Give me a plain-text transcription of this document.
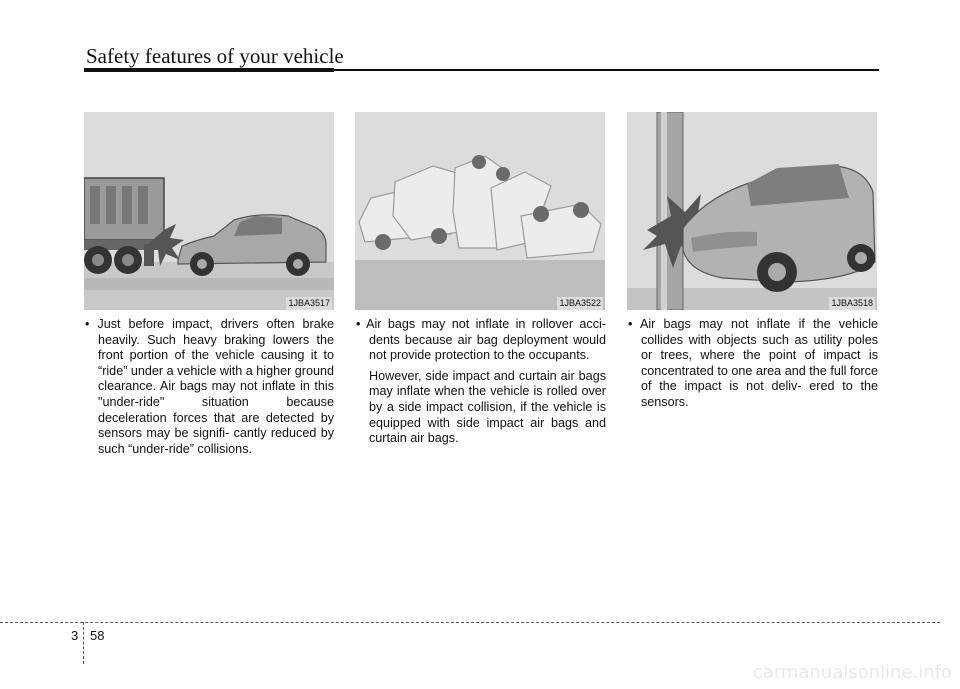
Safety features of your vehicle
1JBA3517	1JBA3522	1JBA3518

• Just before impact, drivers often brake heavily. Such heavy braking lowers the front portion of the vehicle causing it to “ride” under a vehicle with a higher ground clearance. Air bags may not inflate in this "under-ride" situation because deceleration forces that are detected by sensors may be signifi- cantly reduced by such “under-ride” collisions.

• Air bags may not inflate in rollover acci- dents because air bag deployment would not provide protection to the occupants.

However, side impact and curtain air bags may inflate when the vehicle is rolled over by a side impact collision, if the vehicle is equipped with side impact air bags and curtain air bags.

• Air bags may not inflate if the vehicle collides with objects such as utility poles or trees, where the point of impact is concentrated to one area and the full force of the impact is not deliv- ered to the sensors.

3 58
carmanualsonline.info
